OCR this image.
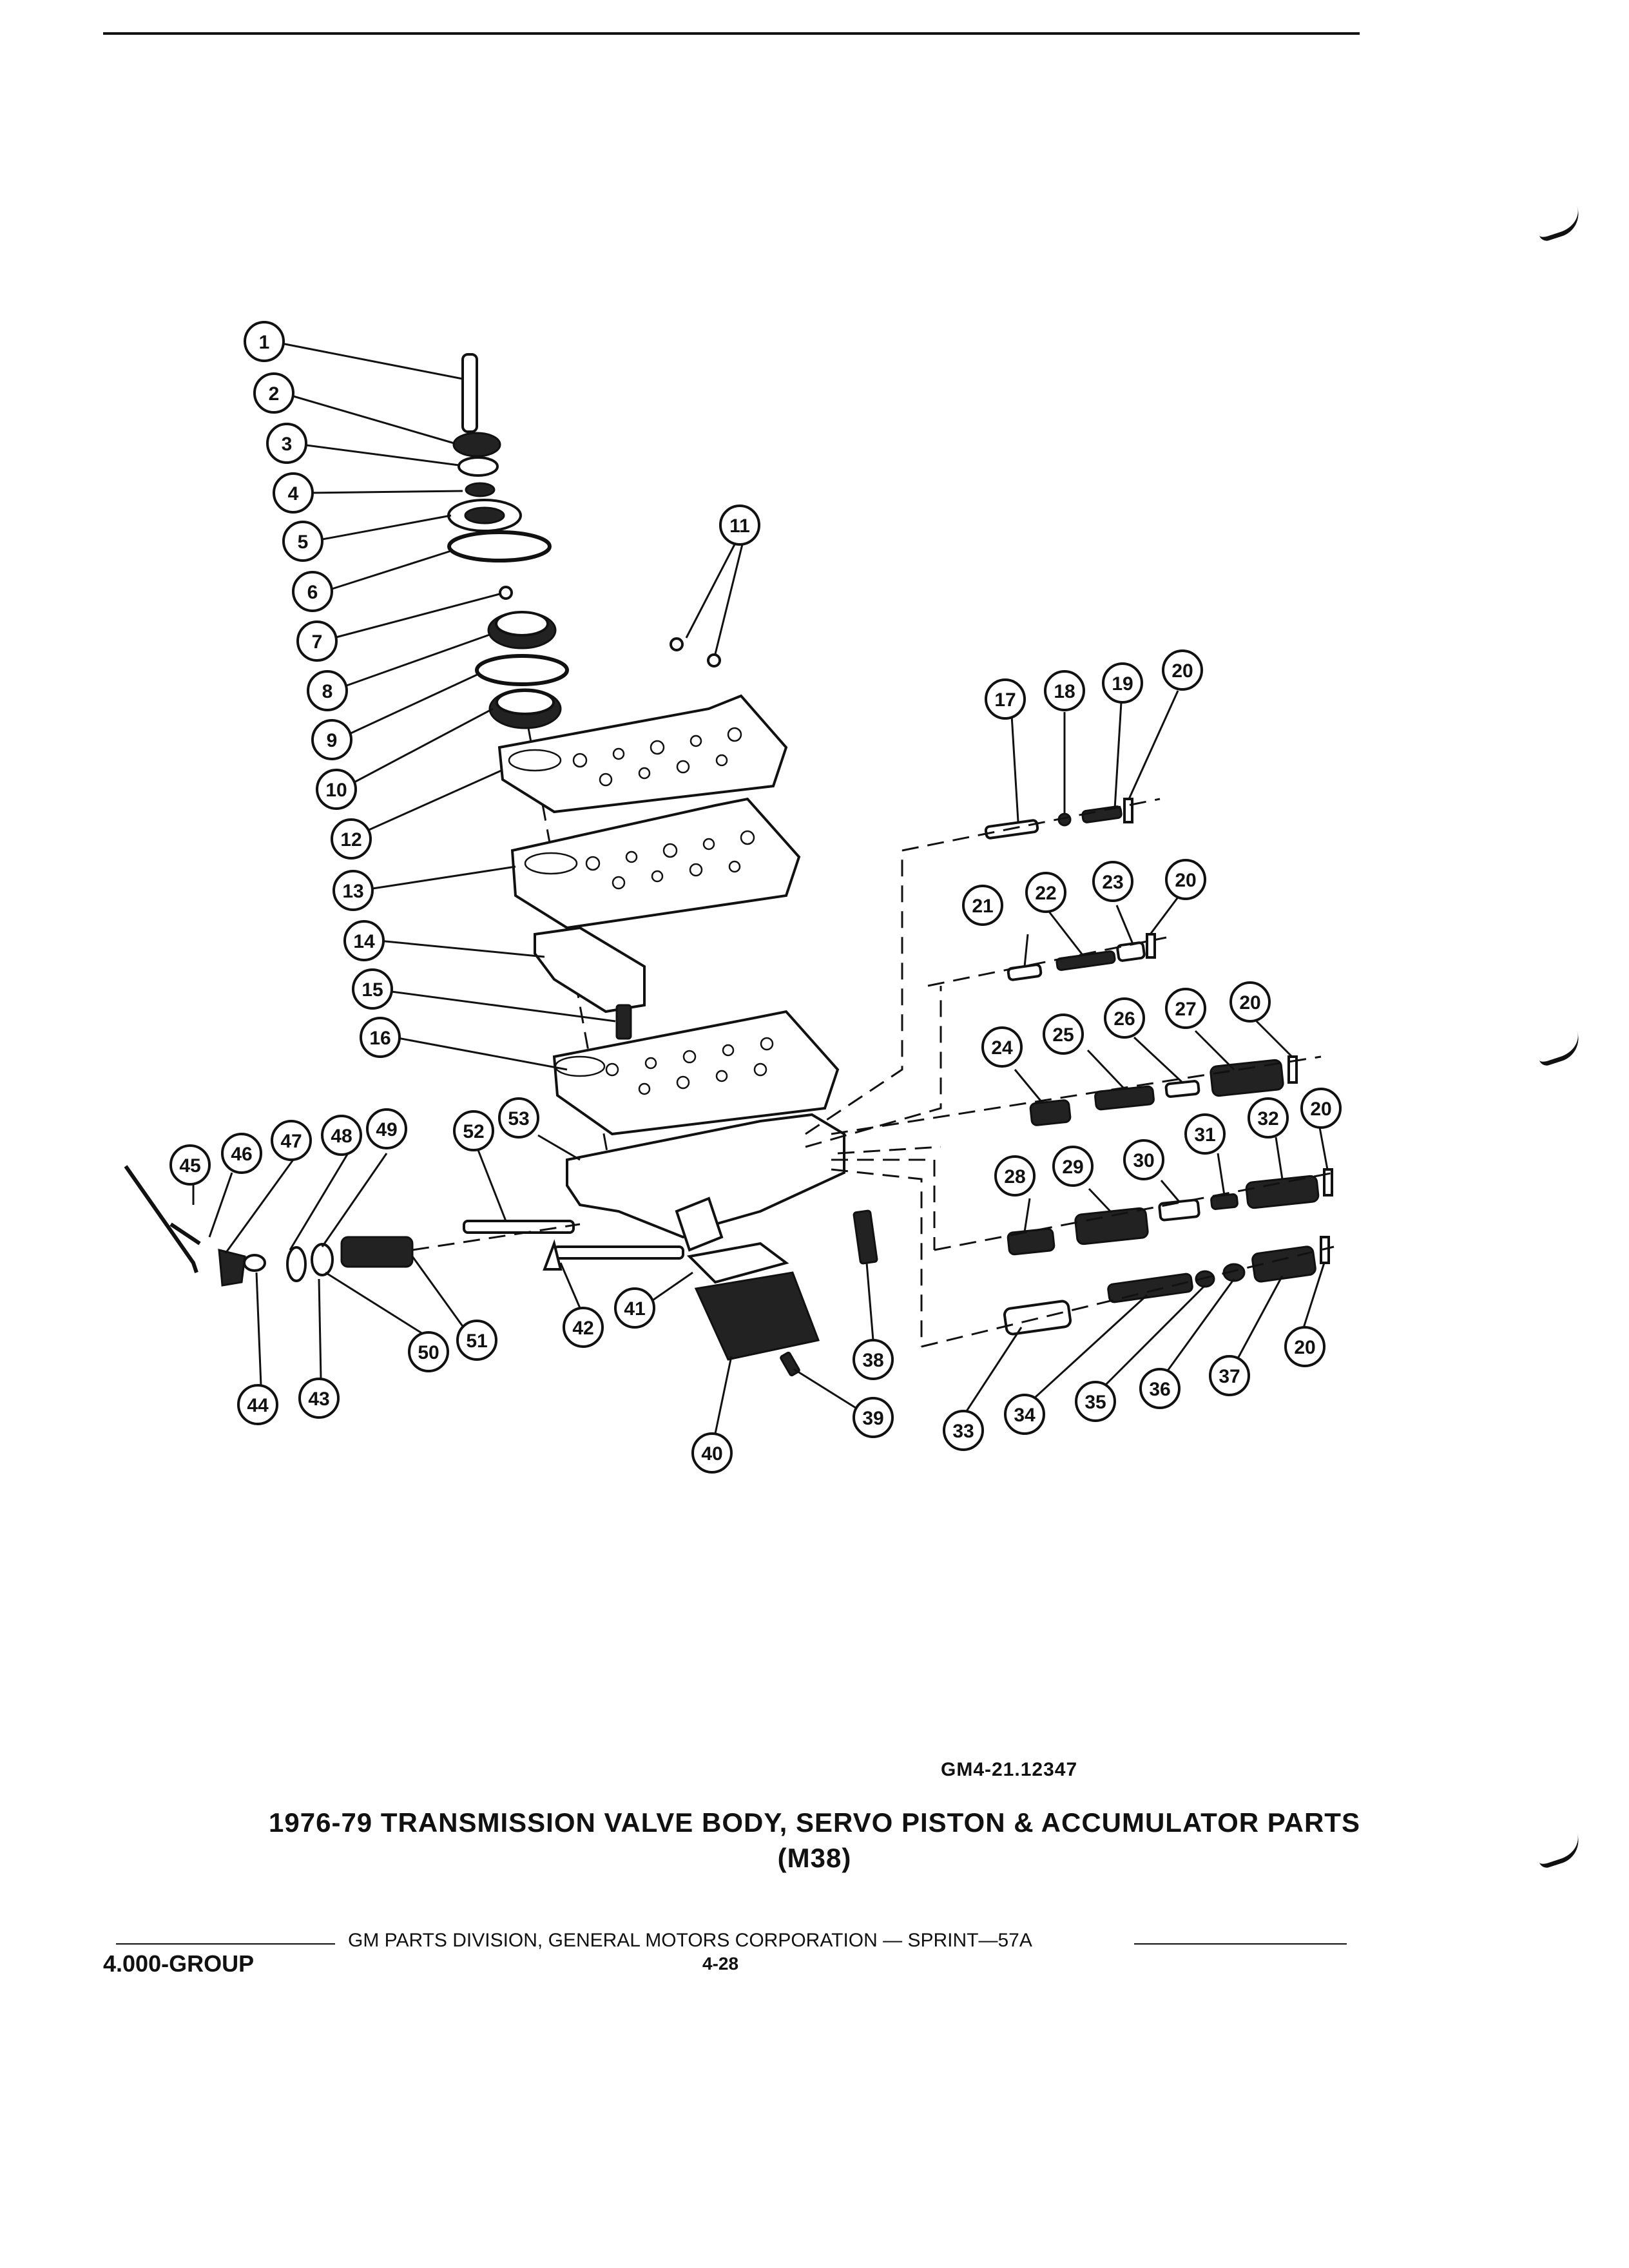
1
2
3
4
5
6
7
8
9
10
11
12
13
14
15
16
17 18 19
20
20
20
20
20
21
22
23
24
25
26 27
28 29	30
31
32
33
34
35
36
37
38
39
40
41
42
43
44
45
46
47 48 49
50
51
52
53
GM4-21.12347
1976-79 TRANSMISSION VALVE BODY, SERVO PISTON & ACCUMULATOR PARTS
(M38)
GM PARTS DIVISION, GENERAL MOTORS CORPORATION — SPRINT—57A
4.000-GROUP	4-28
